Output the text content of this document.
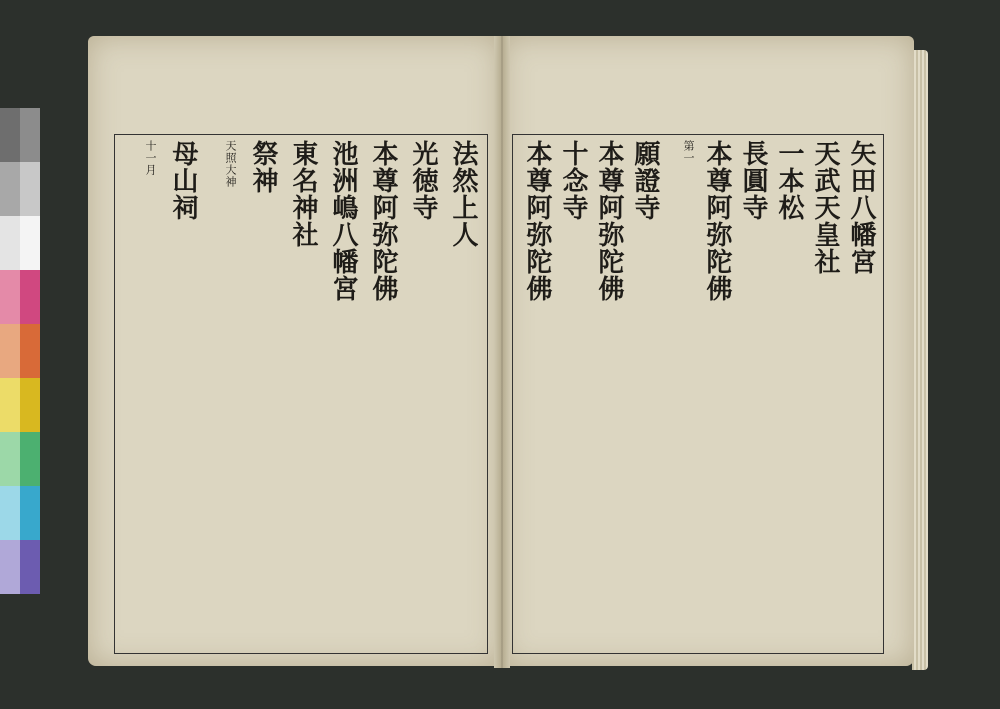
法然上人
光徳寺
本尊阿弥陀佛
池洲嶋八幡宮
東名神社
祭神
天照大神
母山祠
十一月	矢田八幡宮
天武天皇社
一本松
長圓寺
本尊阿弥陀佛
第一
願證寺
本尊阿弥陀佛
十念寺
本尊阿弥陀佛
